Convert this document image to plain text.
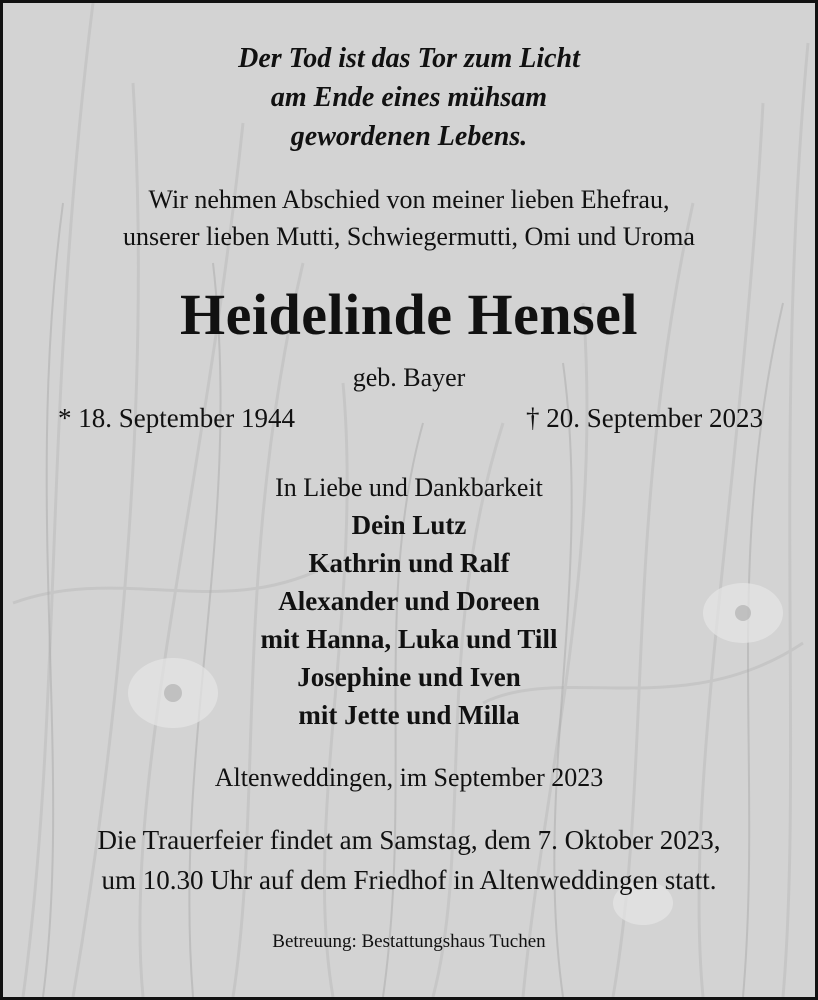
Der Tod ist das Tor zum Licht
am Ende eines mühsam
gewordenen Lebens.
Wir nehmen Abschied von meiner lieben Ehefrau,
unserer lieben Mutti, Schwiegermutti, Omi und Uroma
Heidelinde Hensel
geb. Bayer
* 18. September 1944	† 20. September 2023
In Liebe und Dankbarkeit
Dein Lutz
Kathrin und Ralf
Alexander und Doreen
mit Hanna, Luka und Till
Josephine und Iven
mit Jette und Milla
Altenweddingen, im September 2023
Die Trauerfeier findet am Samstag, dem 7. Oktober 2023,
um 10.30 Uhr auf dem Friedhof in Altenweddingen statt.
Betreuung: Bestattungshaus Tuchen
